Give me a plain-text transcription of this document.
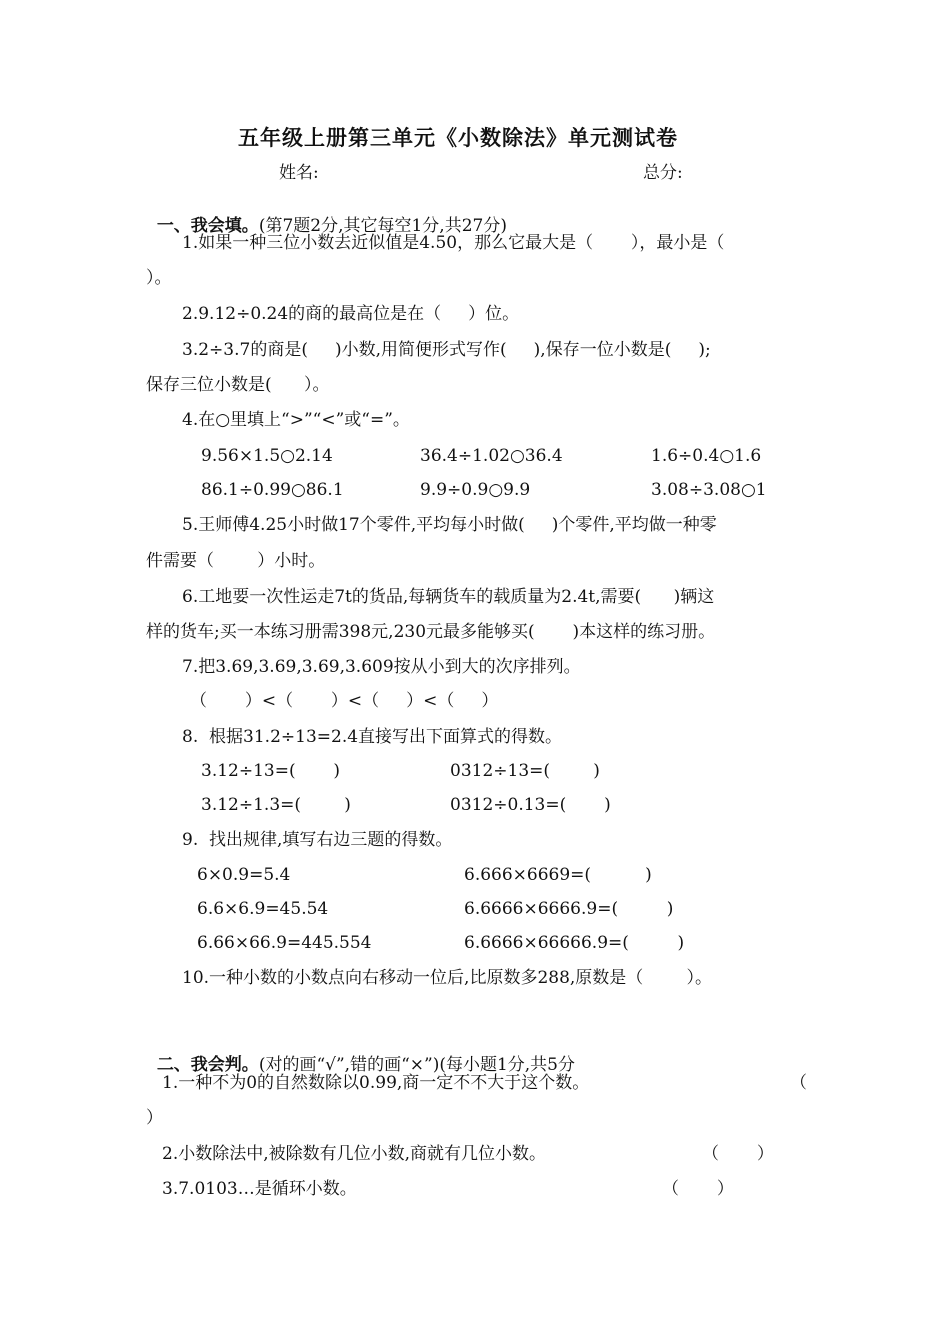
五年级上册第三单元《小数除法》单元测试卷
姓名:	总分:

一、我会填。(第7题2分,其它每空1分,共27分)

1.如果一种三位小数去近似值是4.50，那么它最大是（       ），最小是（
）。
2.9.12÷0.24的商的最高位是在（     ）位。
3.2÷3.7的商是(     )小数,用简便形式写作(     ),保存一位小数是(     );
保存三位小数是(      ）。
4.在○里填上“>”“<”或“=”。
9.56×1.5○2.14	36.4÷1.02○36.4	1.6÷0.4○1.6
86.1÷0.99○86.1	9.9÷0.9○9.9	3.08÷3.08○1
5.王师傅4.25小时做17个零件,平均每小时做(     )个零件,平均做一种零
件需要（        ）小时。
6.工地要一次性运走7t的货品,每辆货车的载质量为2.4t,需要(      )辆这
样的货车;买一本练习册需398元,230元最多能够买(       )本这样的练习册。
7.把3.69,3.69,3.69,3.609按从小到大的次序排列。
（       ）<（       ）<（     ）<（     ）
8.  根据31.2÷13=2.4直接写出下面算式的得数。
3.12÷13=(       )	0312÷13=(        )
3.12÷1.3=(        )	0312÷0.13=(       )
9.  找出规律,填写右边三题的得数。
6×0.9=5.4	6.666×6669=(          )
6.6×6.9=45.54	6.6666×6666.9=(         )
6.66×66.9=445.554	6.6666×66666.9=(         )
10.一种小数的小数点向右移动一位后,比原数多288,原数是（        ）。

二、我会判。(对的画“√”,错的画“×”)(每小题1分,共5分

1.一种不为0的自然数除以0.99,商一定不不大于这个数。	（
）
2.小数除法中,被除数有几位小数,商就有几位小数。	（       ）
3.7.0103…是循环小数。	（       ）
